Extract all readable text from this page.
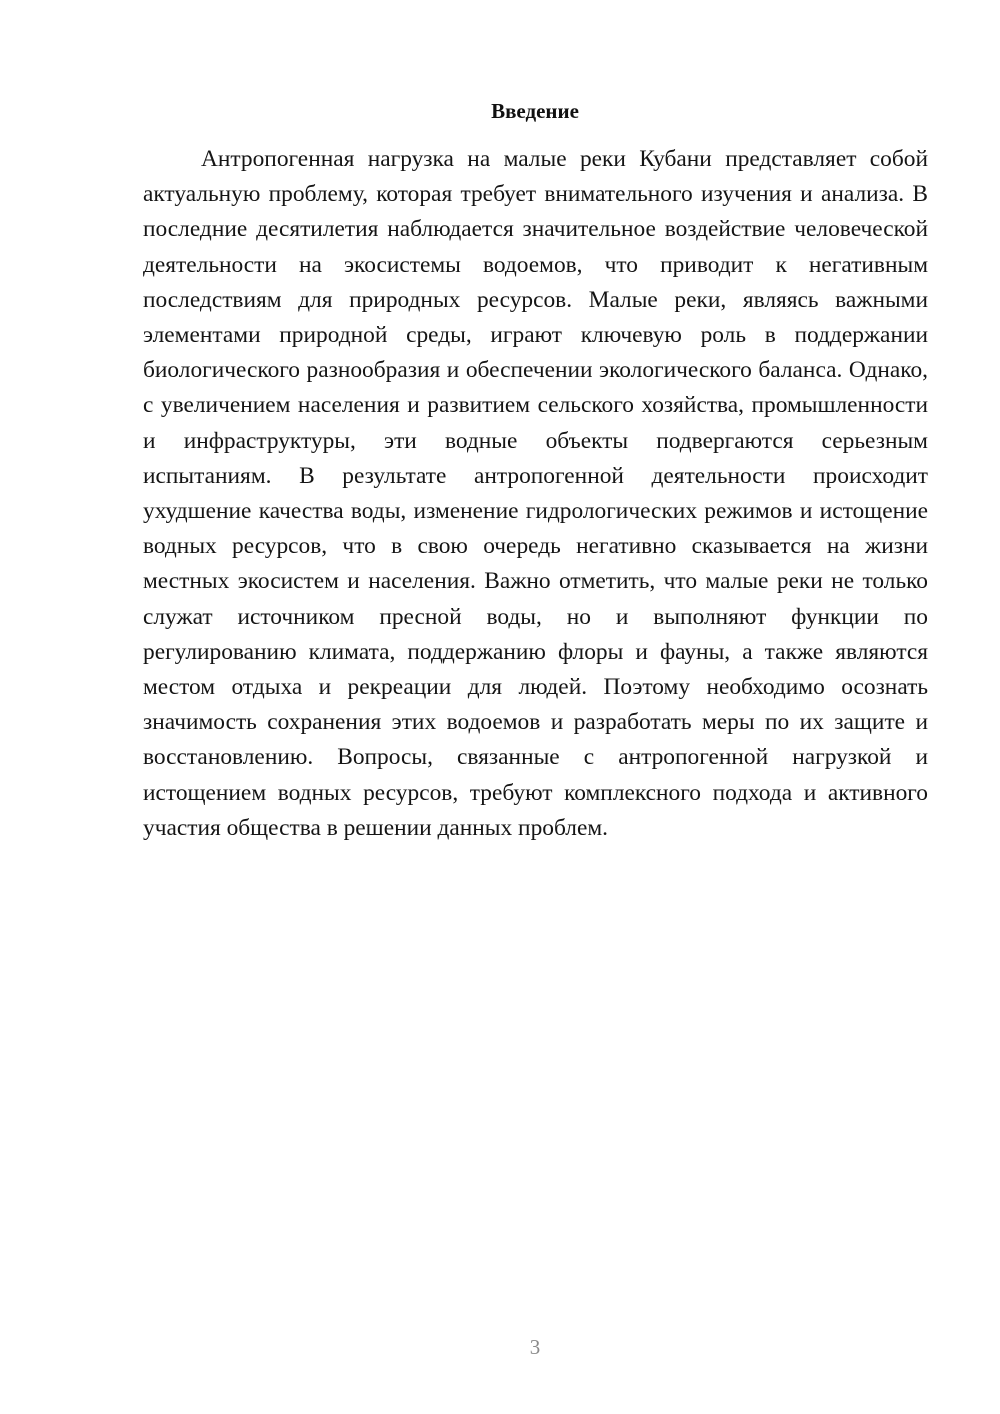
Введение

Антропогенная нагрузка на малые реки Кубани представляет собой актуальную проблему, которая требует внимательного изучения и анализа. В последние десятилетия наблюдается значительное воздействие человеческой деятельности на экосистемы водоемов, что приводит к негативным последствиям для природных ресурсов. Малые реки, являясь важными элементами природной среды, играют ключевую роль в поддержании биологического разнообразия и обеспечении экологического баланса. Однако, с увеличением населения и развитием сельского хозяйства, промышленности и инфраструктуры, эти водные объекты подвергаются серьезным испытаниям. В результате антропогенной деятельности происходит ухудшение качества воды, изменение гидрологических режимов и истощение водных ресурсов, что в свою очередь негативно сказывается на жизни местных экосистем и населения. Важно отметить, что малые реки не только служат источником пресной воды, но и выполняют функции по регулированию климата, поддержанию флоры и фауны, а также являются местом отдыха и рекреации для людей. Поэтому необходимо осознать значимость сохранения этих водоемов и разработать меры по их защите и восстановлению. Вопросы, связанные с антропогенной нагрузкой и истощением водных ресурсов, требуют комплексного подхода и активного участия общества в решении данных проблем.

3
